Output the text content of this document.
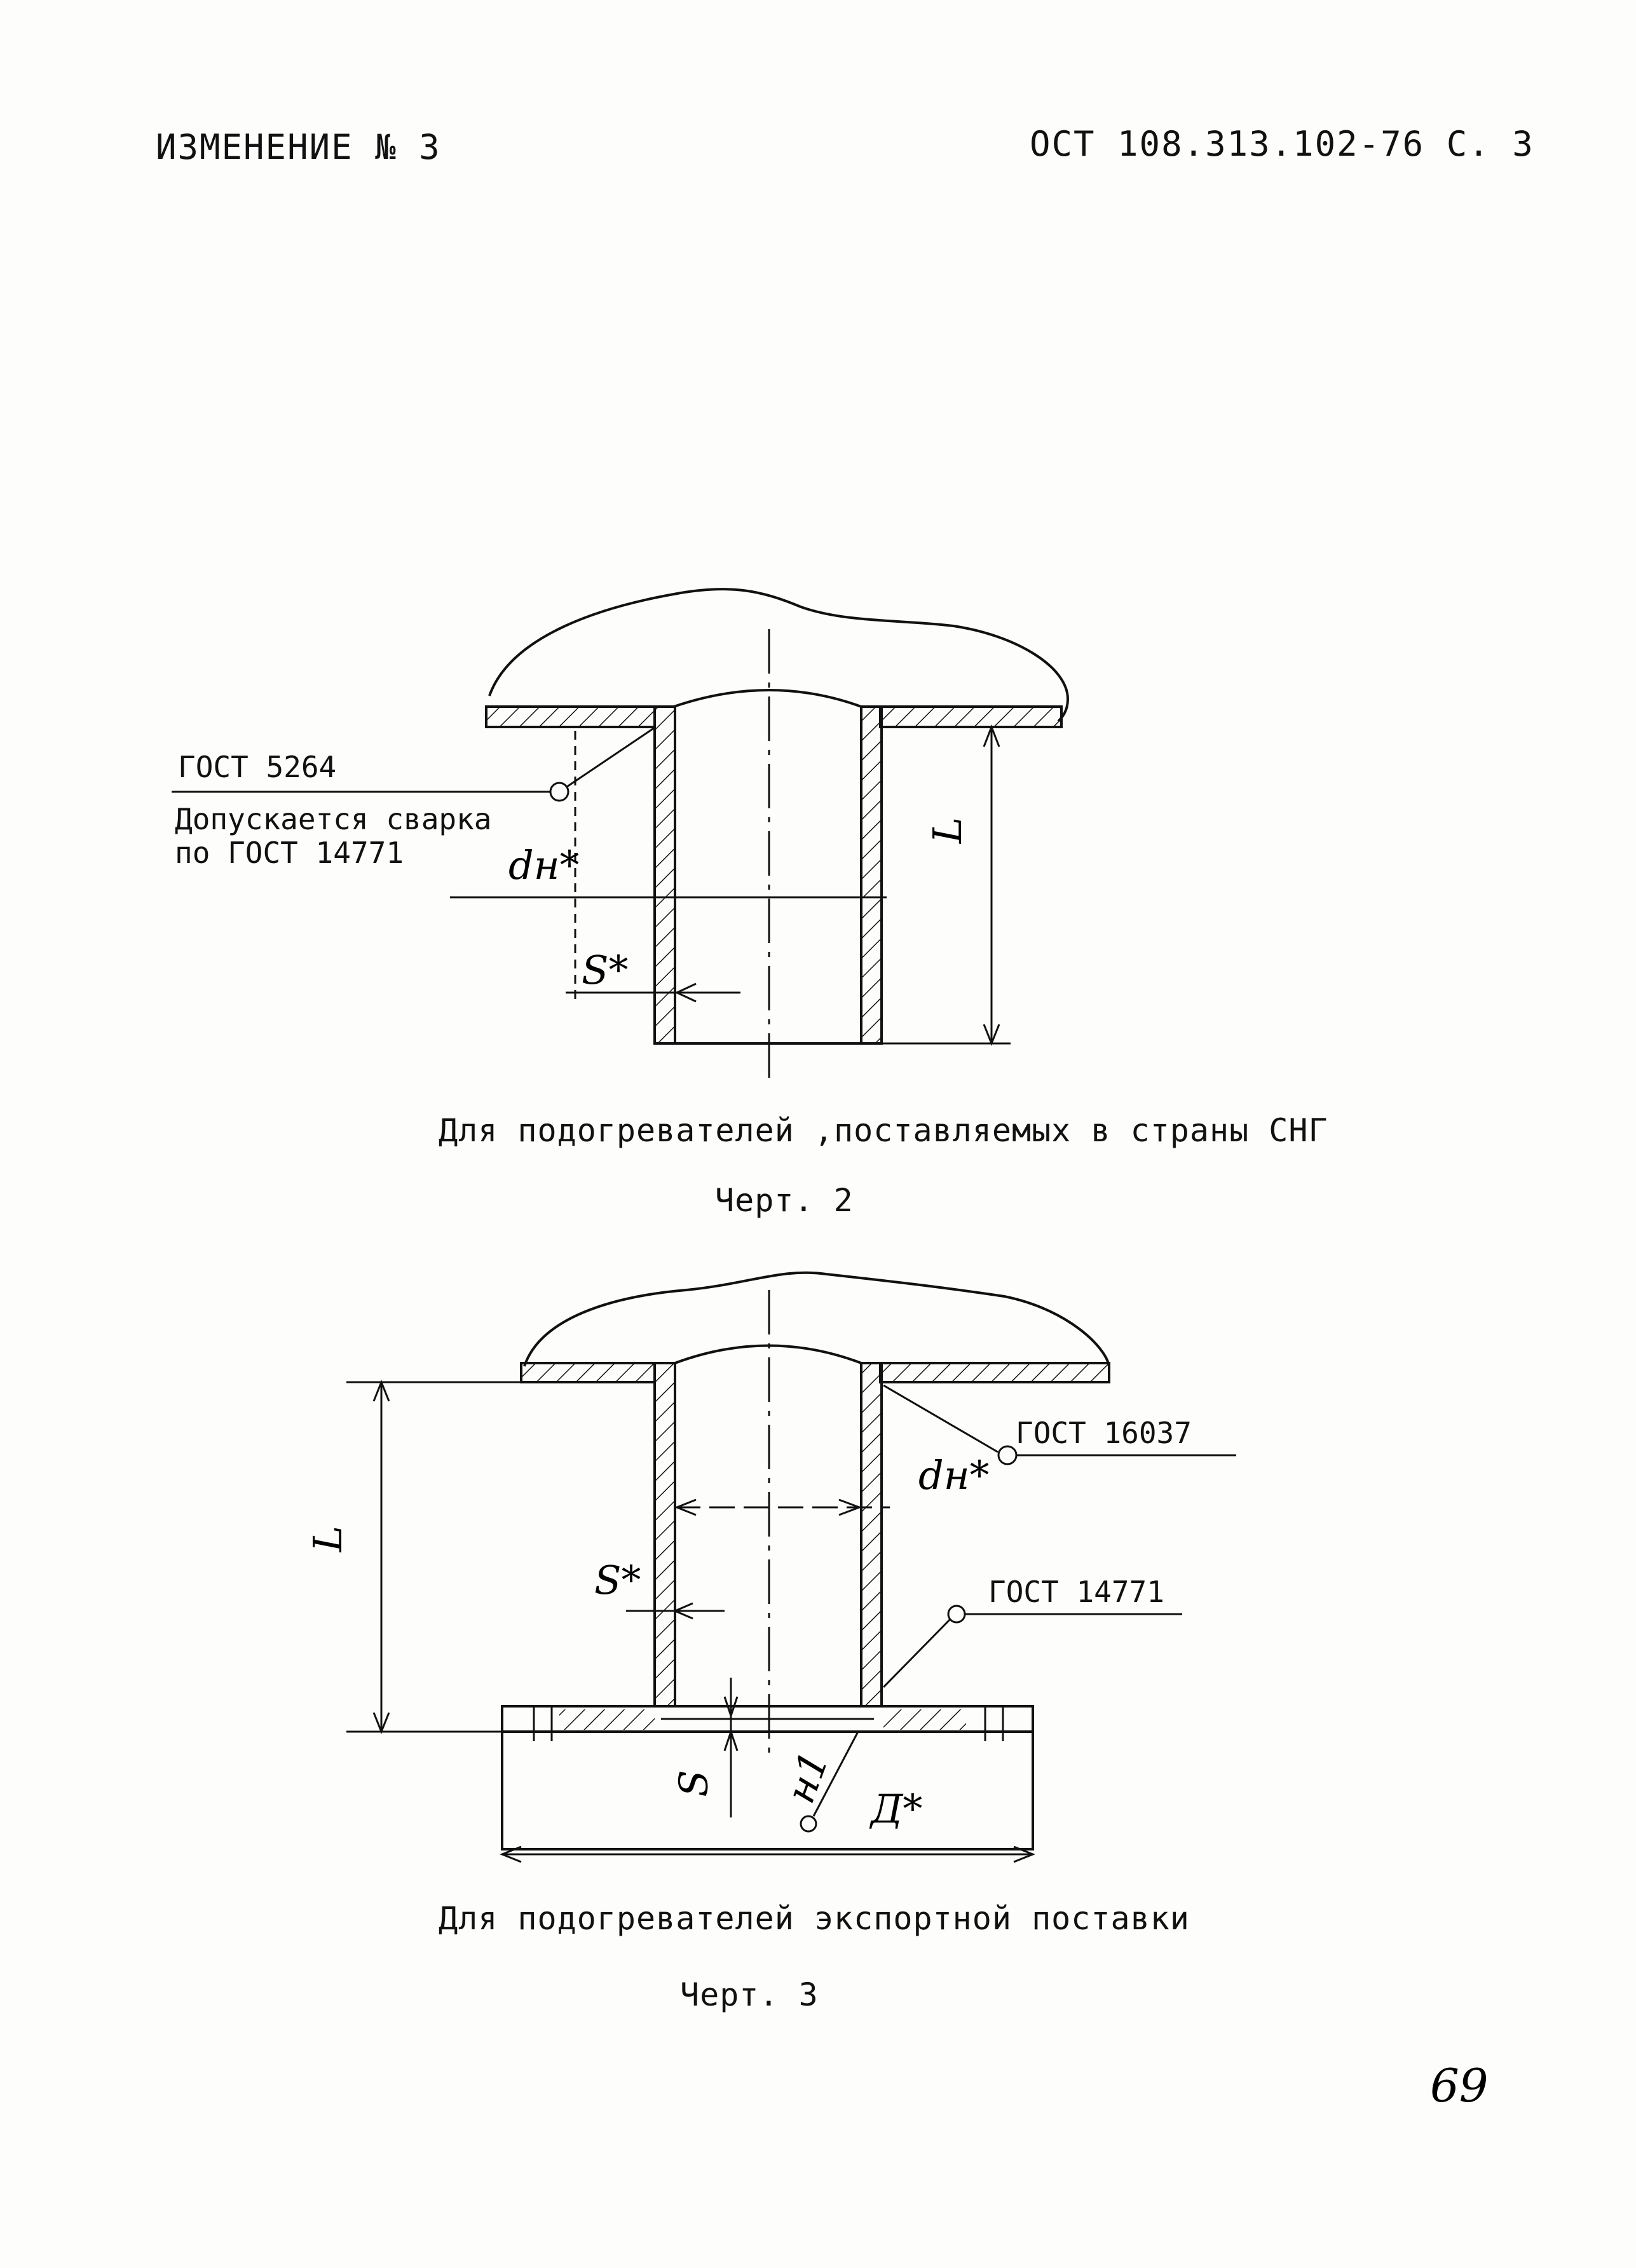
ИЗМЕНЕНИЕ № 3	ОСТ 108.313.102-76 С. 3
ГОСТ 5264
Допускается сварка
по ГОСТ 14771	dн*
S*
L
Для подогревателей ,поставляемых в страны СНГ
Черт. 2
ГОСТ 16037
ГОСТ 14771
L
dн*
S*
S н1 Д*
Для подогревателей экспортной поставки
Черт. 3
69
